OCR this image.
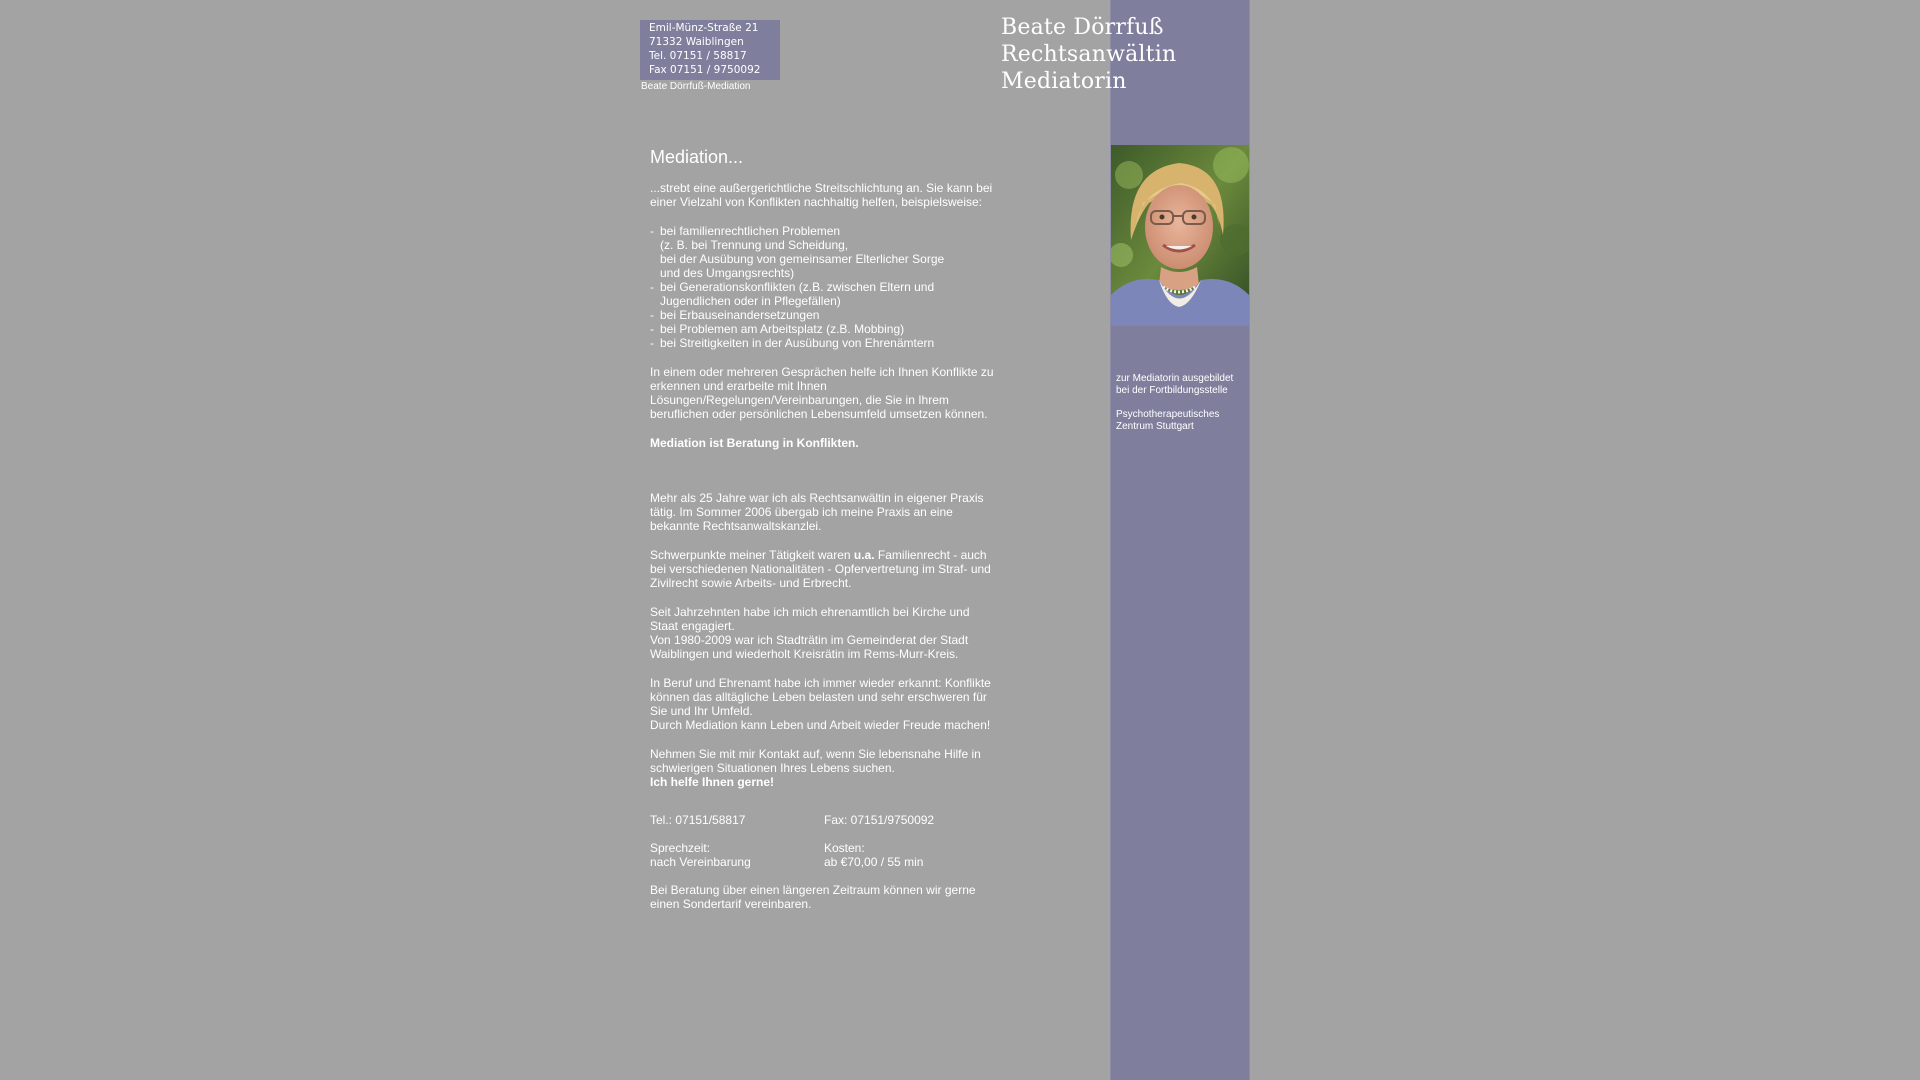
Emil-Münz-Straße 21
71332 Waiblingen
Tel. 07151 / 58817
Fax 07151 / 9750092
Beate Dörrfuß-Mediation
Beate Dörrfuß
Rechtsanwältin
Mediatorin

zur Mediatorin ausgebildet bei der Fortbildungsstelle

Psychotherapeutisches Zentrum Stuttgart

Mediation...

...strebt eine außergerichtliche Streitschlichtung an. Sie kann bei einer Vielzahl von Konflikten nachhaltig helfen, beispielsweise:

- bei familienrechtlichen Problemen
(z. B. bei Trennung und Scheidung,
bei der Ausübung von gemeinsamer Elterlicher Sorge
und des Umgangsrechts)
- bei Generationskonflikten (z.B. zwischen Eltern und
Jugendlichen oder in Pflegefällen)
- bei Erbauseinandersetzungen
- bei Problemen am Arbeitsplatz (z.B. Mobbing)
- bei Streitigkeiten in der Ausübung von Ehrenämtern

In einem oder mehreren Gesprächen helfe ich Ihnen Konflikte zu erkennen und erarbeite mit Ihnen Lösungen/Regelungen/Vereinbarungen, die Sie in Ihrem beruflichen oder persönlichen Lebensumfeld umsetzen können.

Mediation ist Beratung in Konflikten.

Mehr als 25 Jahre war ich als Rechtsanwältin in eigener Praxis tätig. Im Sommer 2006 übergab ich meine Praxis an eine bekannte Rechtsanwaltskanzlei.

Schwerpunkte meiner Tätigkeit waren u.a. Familienrecht - auch bei verschiedenen Nationalitäten - Opfervertretung im Straf- und Zivilrecht sowie Arbeits- und Erbrecht.

Seit Jahrzehnten habe ich mich ehrenamtlich bei Kirche und Staat engagiert.
Von 1980-2009 war ich Stadträtin im Gemeinderat der Stadt Waiblingen und wiederholt Kreisrätin im Rems-Murr-Kreis.

In Beruf und Ehrenamt habe ich immer wieder erkannt: Konflikte können das alltägliche Leben belasten und sehr erschweren für Sie und Ihr Umfeld.
Durch Mediation kann Leben und Arbeit wieder Freude machen!

Nehmen Sie mit mir Kontakt auf, wenn Sie lebensnahe Hilfe in schwierigen Situationen Ihres Lebens suchen.
Ich helfe Ihnen gerne!

Tel.: 07151/58817	Fax: 07151/9750092
Sprechzeit:
nach Vereinbarung
Kosten:
ab €70,00 / 55 min

Bei Beratung über einen längeren Zeitraum können wir gerne einen Sondertarif vereinbaren.
